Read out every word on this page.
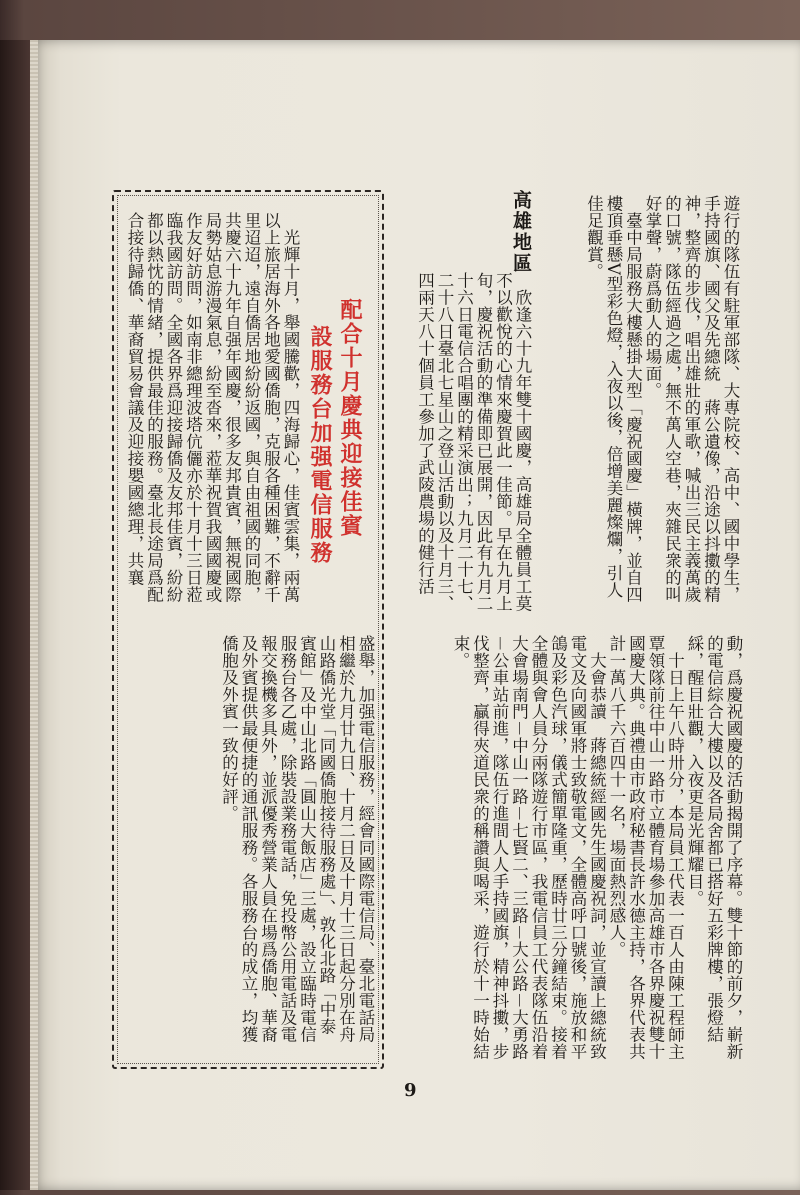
遊行的隊伍有駐軍部隊、大專院校、高中、國中學生，手持國旗、國父及先總統　蔣公遺像，沿途以抖擻的精神，整齊的步伐，唱出雄壯的軍歌，喊出三民主義萬歲的口號，隊伍經過之處，無不萬人空巷，夾雜民衆的叫好掌聲，蔚爲動人的場面。
　臺中局服務大樓懸掛大型「慶祝國慶」橫牌，並自四樓頂垂懸V型彩色燈，入夜以後，倍增美麗燦爛，引人佳足觀賞。
高雄地區
　欣逢六十九年雙十國慶，高雄局全體員工莫不以歡悅的心情來慶賀此一佳節。早在九月上旬，慶祝活動的準備即已展開，因此有九月二十六日電信合唱團的精采演出；九月二十七、二十八日臺北七星山之登山活動以及十月三、四兩天八十個員工參加了武陵農場的健行活
動，爲慶祝國慶的活動揭開了序幕。雙十節的前夕，嶄新的電信綜合大樓以及各局舍都已搭好五彩牌樓，張燈結綵，醒目壯觀，入夜更是光輝耀目。
　十日上午八時卅分，本局員工代表一百人由陳工程師主覃領隊前往中山一路市立體育場參加高雄市各界慶祝雙十國慶大典。典禮由市政府秘書長許水德主持，各界代表共計一萬八千六百四十一名，場面熱烈感人。
　大會恭讀　蔣總統經國先生國慶祝詞，並宣讀上總統致電文及向國軍將士致敬電文，全體高呼口號後，施放和平鴿及彩色汽球，儀式簡單隆重，歷時廿三分鐘結束。接着全體與會人員分兩隊遊行市區，我電信員工代表隊伍沿着大會場南門－中山一路－七賢二、三路－大公路－大勇路－公車站前進，隊伍行進間人人手持國旗，精神抖擻，步伐整齊，贏得夾道民衆的稱讚與喝采，遊行於十一時始結束。
配合十月慶典迎接佳賓
設服務台加强電信服務
　光輝十月，舉國騰歡，四海歸心，佳賓雲集，兩萬以上旅居海外各地愛國僑胞，克服各種困難，不辭千里迢迢，遠自僑居地紛紛返國，與自由祖國的同胞，共慶六十九年自强年國慶，很多友邦貴賓，無視國際局勢姑息游漫氣息，紛至沓來，蒞華祝賀我國國慶或作友好訪問，如南非總理波塔伉儷亦於十月十三日蒞臨我國訪問。全國各界爲迎接歸僑及友邦佳賓，紛紛都以熱忱的情緒，提供最佳的服務。臺北長途局爲配合接待歸僑、華裔貿易會議及迎接嬰國總理，共襄
盛舉，加强電信服務，經會同國際電信局、臺北電話局相繼於九月廿九日、十月二日及十月十三日起分別在舟山路僑光堂「同國僑胞接待服務處」、敦化北路「中泰賓館」及中山北路「圓山大飯店」三處，設立臨時電信服務台各乙處，除裝設業務電話，免投幣公用電話及電報交換機多具外，並派優秀營業人員在場爲僑胞、華裔及外賓提供最便捷的通訊服務。各服務台的成立，均獲僑胞及外賓一致的好評。
9
